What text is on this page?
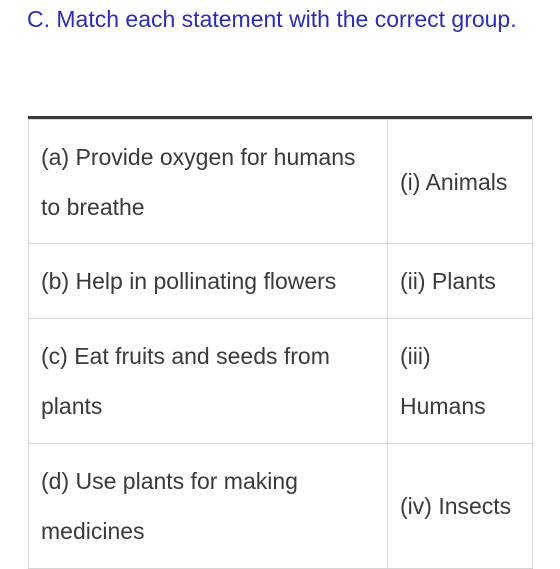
C. Match each statement with the correct group.
(a) Provide oxygen for humans to breathe	(i) Animals
(b) Help in pollinating flowers	(ii) Plants
(c) Eat fruits and seeds from plants	(iii) Humans
(d) Use plants for making medicines	(iv) Insects
